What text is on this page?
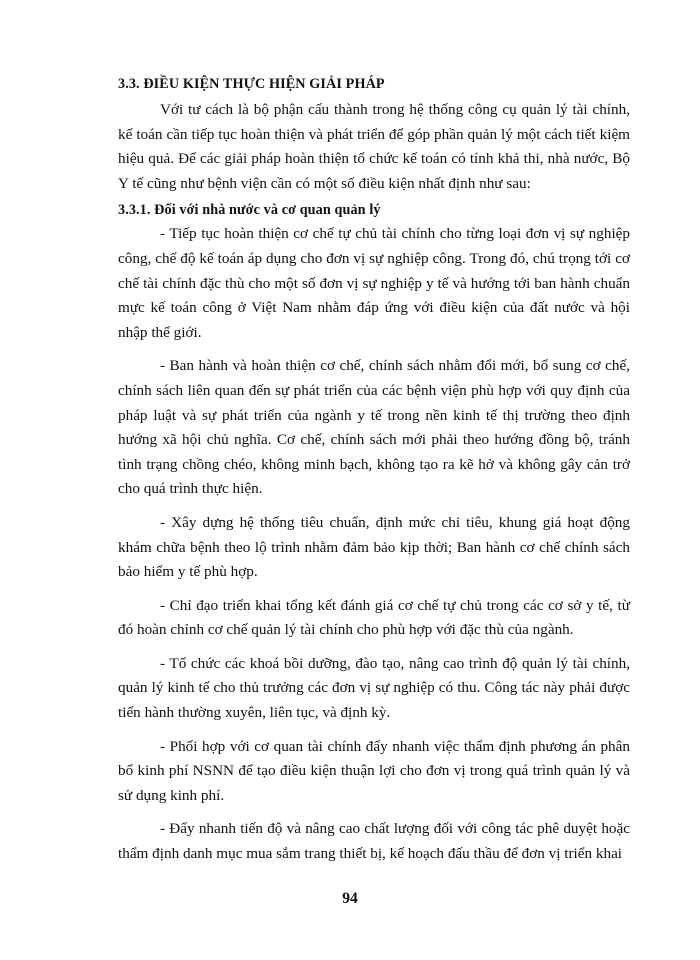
3.3. ĐIỀU KIỆN THỰC HIỆN GIẢI PHÁP

Với tư cách là bộ phận cấu thành trong hệ thống công cụ quản lý tài chính, kế toán cần tiếp tục hoàn thiện và phát triển để góp phần quản lý một cách tiết kiệm hiệu quả. Để các giải pháp hoàn thiện tổ chức kế toán có tính khả thi, nhà nước, Bộ Y tế cũng như bệnh viện cần có một số điều kiện nhất định như sau:

3.3.1. Đối với nhà nước và cơ quan quản lý

- Tiếp tục hoàn thiện cơ chế tự chủ tài chính cho từng loại đơn vị sự nghiệp công, chế độ kế toán áp dụng cho đơn vị sự nghiệp công. Trong đó, chú trọng tới cơ chế tài chính đặc thù cho một số đơn vị sự nghiệp y tế và hướng tới ban hành chuẩn mực kế toán công ở Việt Nam nhằm đáp ứng với điều kiện của đất nước và hội nhập thế giới.

- Ban hành và hoàn thiện cơ chế, chính sách nhằm đổi mới, bổ sung cơ chế, chính sách liên quan đến sự phát triển của các bệnh viện phù hợp với quy định của pháp luật và sự phát triển của ngành y tế trong nền kinh tế thị trường theo định hướng xã hội chủ nghĩa. Cơ chế, chính sách mới phải theo hướng đồng bộ, tránh tình trạng chồng chéo, không minh bạch, không tạo ra kẽ hở và không gây cản trở cho quá trình thực hiện.

- Xây dựng hệ thống tiêu chuẩn, định mức chi tiêu, khung giá hoạt động khám chữa bệnh theo lộ trình nhằm đảm bảo kịp thời; Ban hành cơ chế chính sách bảo hiểm y tế phù hợp.

- Chỉ đạo triển khai tổng kết đánh giá cơ chế tự chủ trong các cơ sở y tế, từ đó hoàn chỉnh cơ chế quản lý tài chính cho phù hợp với đặc thù của ngành.

- Tổ chức các khoá bồi dưỡng, đào tạo, nâng cao trình độ quản lý tài chính, quản lý kinh tế cho thủ trưởng các đơn vị sự nghiệp có thu. Công tác này phải được tiến hành thường xuyên, liên tục, và định kỳ.

- Phối hợp với cơ quan tài chính đẩy nhanh việc thẩm định phương án phân bổ kinh phí NSNN để tạo điều kiện thuận lợi cho đơn vị trong quá trình quản lý và sử dụng kinh phí.

- Đẩy nhanh tiến độ và nâng cao chất lượng đối với công tác phê duyệt hoặc thẩm định danh mục mua sắm trang thiết bị, kế hoạch đấu thầu để đơn vị triển khai

94
